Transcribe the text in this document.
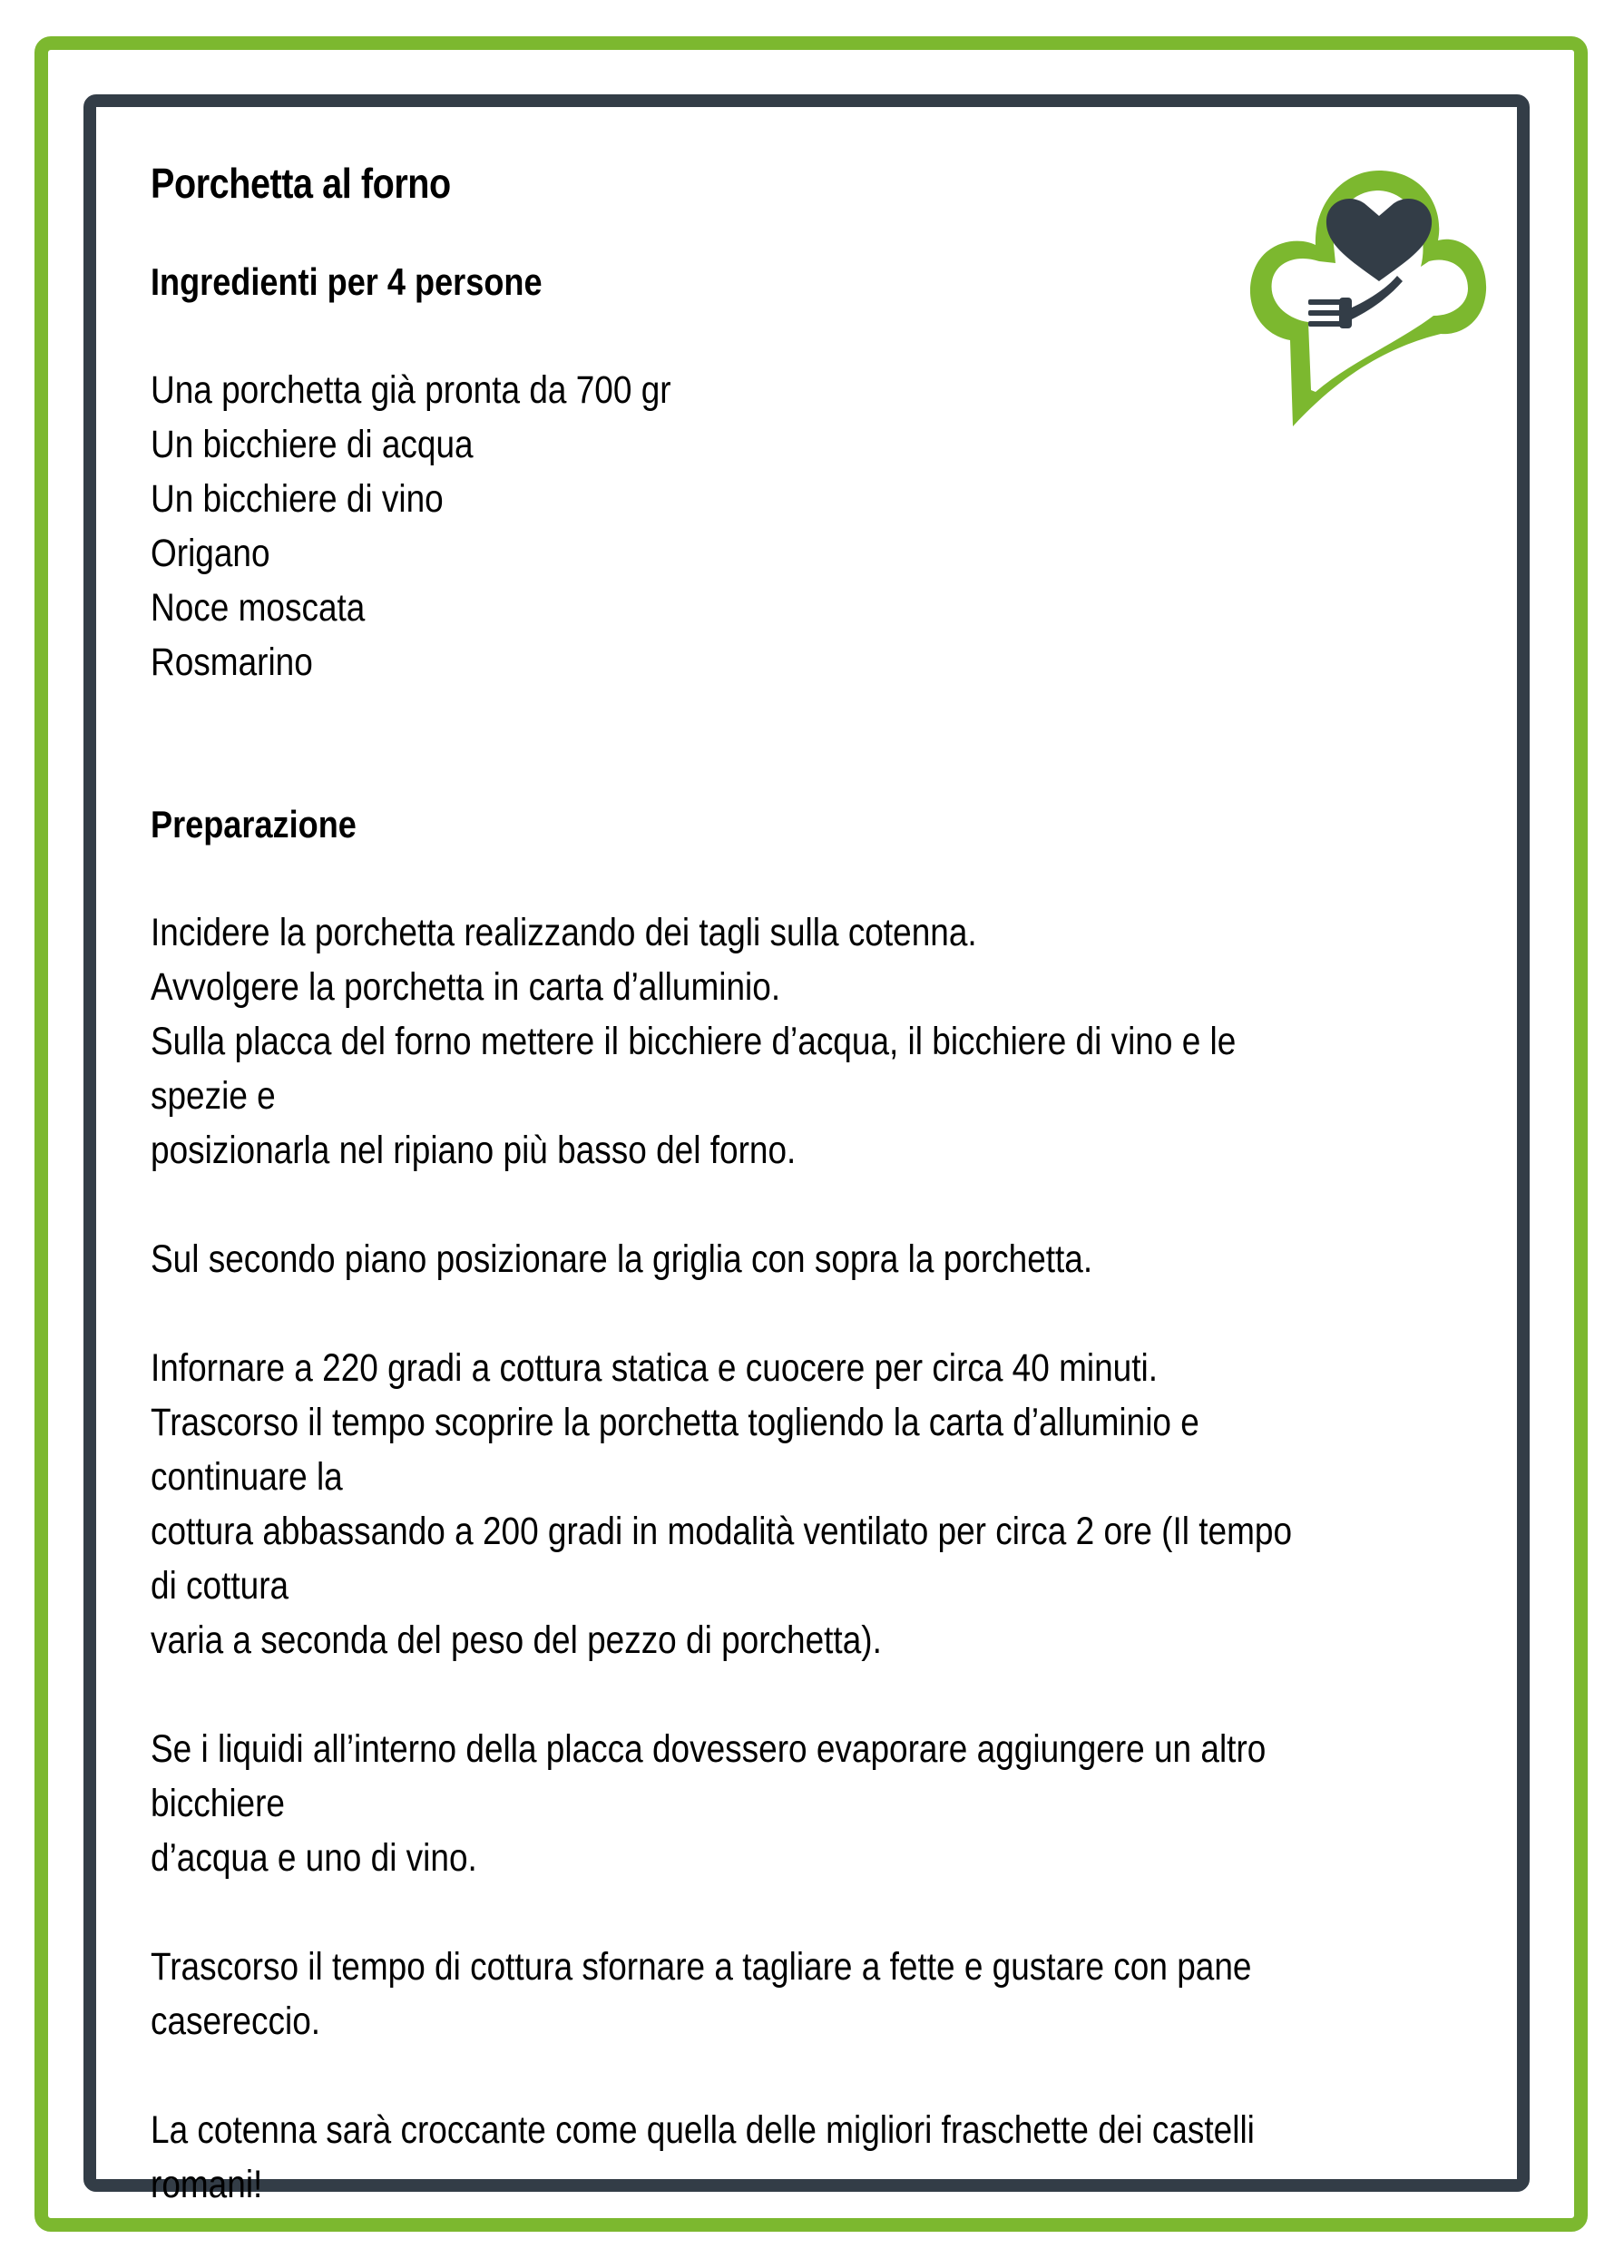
Porchetta al forno
Ingredienti per 4 persone
Una porchetta già pronta da 700 gr
Un bicchiere di acqua
Un bicchiere di vino
Origano
Noce moscata
Rosmarino
Preparazione

Incidere la porchetta realizzando dei tagli sulla cotenna.

Avvolgere la porchetta in carta d’alluminio.

Sulla placca del forno mettere il bicchiere d’acqua, il bicchiere di vino e le spezie e

posizionarla nel ripiano più basso del forno.

Sul secondo piano posizionare la griglia con sopra la porchetta.

Infornare a 220 gradi a cottura statica e cuocere per circa 40 minuti.

Trascorso il tempo scoprire la porchetta togliendo la carta d’alluminio e continuare la

cottura abbassando a 200 gradi in modalità ventilato per circa 2 ore (Il tempo di cottura

varia a seconda del peso del pezzo di porchetta).

Se i liquidi all’interno della placca dovessero evaporare aggiungere un altro bicchiere

d’acqua e uno di vino.

Trascorso il tempo di cottura sfornare a tagliare a fette e gustare con pane casereccio.

La cotenna sarà croccante come quella delle migliori fraschette dei castelli romani!
